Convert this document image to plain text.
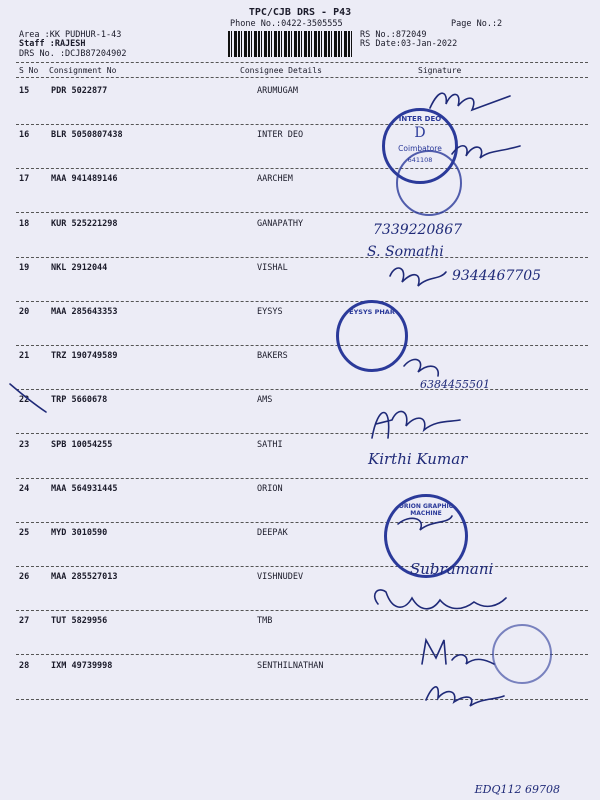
TPC/CJB DRS - P43
Phone No.:0422-3505555	Page No.:2
Area :KK PUDHUR-1-43
Staff :RAJESH
DRS No. :DCJB87204902
RS No.:872049
RS Date:03-Jan-2022
S No Consignment No	Consignee Details	Signature
15	PDR 5022877	ARUMUGAM
16	BLR 5050807438	INTER DEO
17	MAA 941489146	AARCHEM
18	KUR 525221298	GANAPATHY
19	NKL 2912044	VISHAL
20	MAA 285643353	EYSYS
21	TRZ 190749589	BAKERS
22	TRP 5660678	AMS
23	SPB 10054255	SATHI
24	MAA 564931445	ORION
25	MYD 3010590	DEEPAK
26	MAA 285527013	VISHNUDEV
27	TUT 5829956	TMB
28	IXM 49739998	SENTHILNATHAN
INTER DEO
D
Coimbatore
641108
EYSYS PHAR
ORION GRAPHIC MACHINE
7339220867
S. Somathi
9344467705
6384455501
Kirthi Kumar
Subramani
EDQ112 69708
